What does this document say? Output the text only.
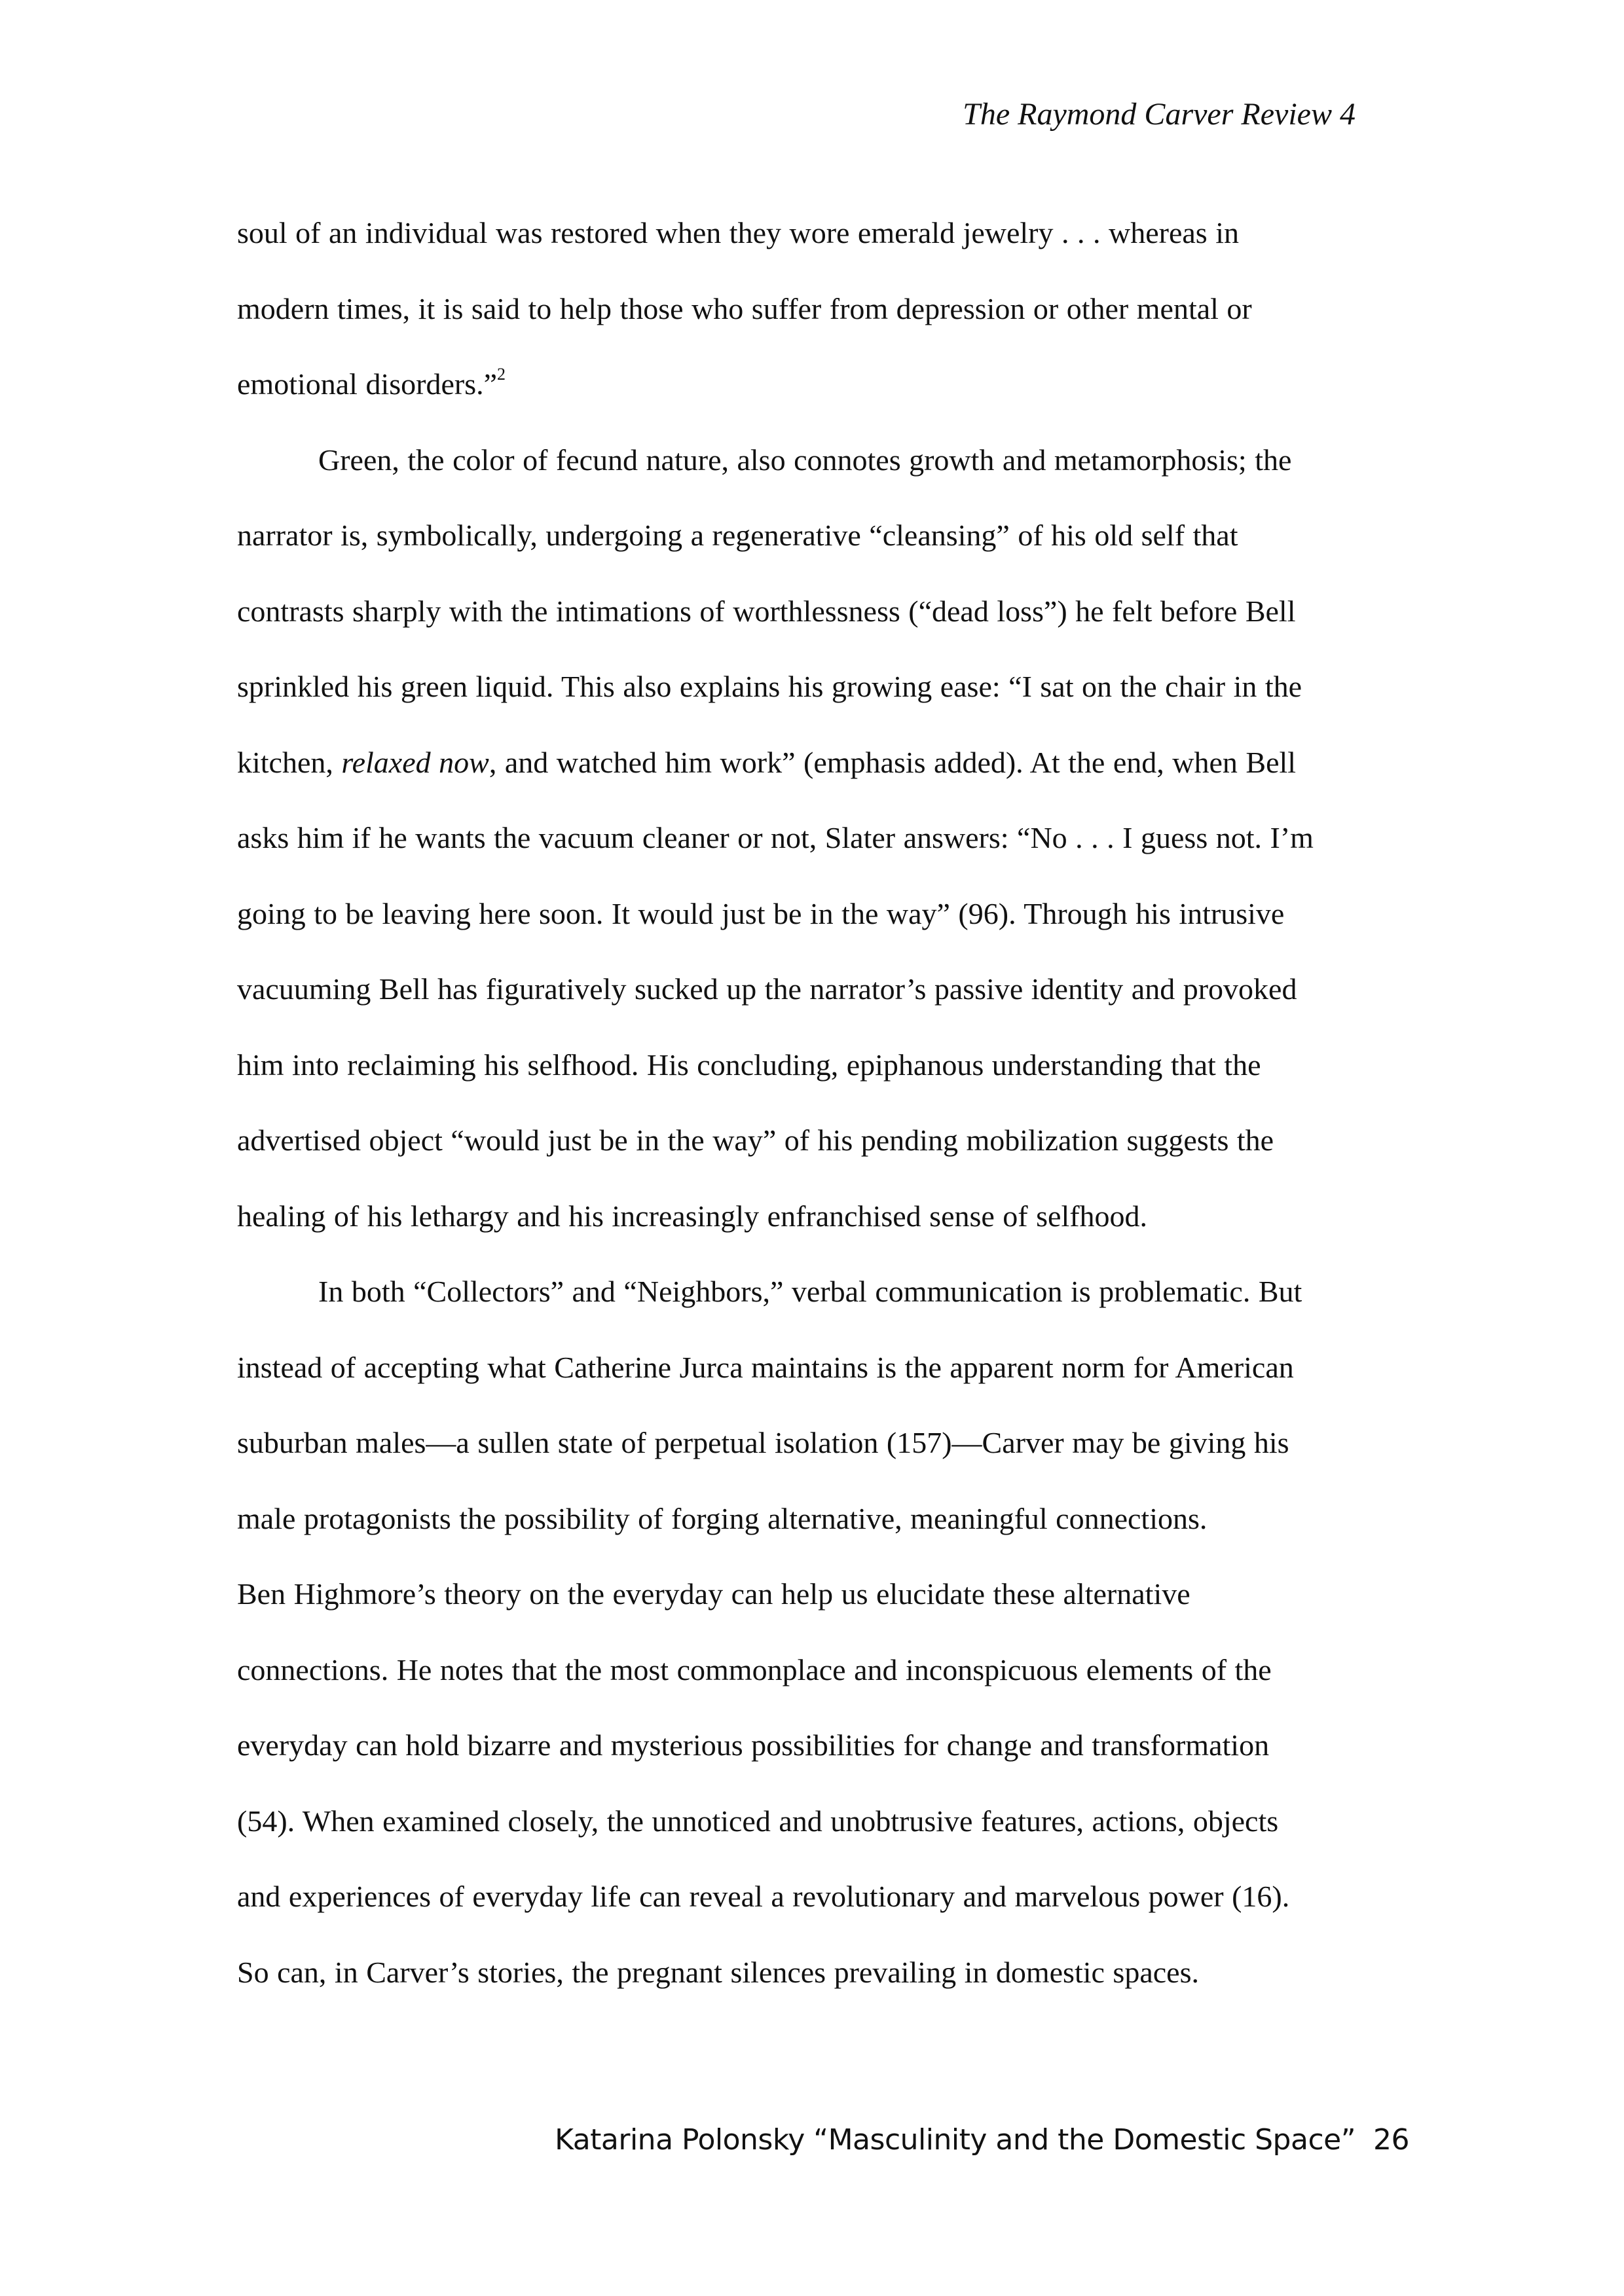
The Raymond Carver Review 4
soul of an individual was restored when they wore emerald jewelry . . . whereas in
modern times, it is said to help those who suffer from depression or other mental or
emotional disorders.”$^2$
Green, the color of fecund nature, also connotes growth and metamorphosis; the
narrator is, symbolically, undergoing a regenerative “cleansing” of his old self that
contrasts sharply with the intimations of worthlessness (“dead loss”) he felt before Bell
sprinkled his green liquid. This also explains his growing ease: “I sat on the chair in the
kitchen, relaxed now, and watched him work” (emphasis added). At the end, when Bell
asks him if he wants the vacuum cleaner or not, Slater answers: “No . . . I guess not. I’m
going to be leaving here soon. It would just be in the way” (96). Through his intrusive
vacuuming Bell has figuratively sucked up the narrator’s passive identity and provoked
him into reclaiming his selfhood. His concluding, epiphanous understanding that the
advertised object “would just be in the way” of his pending mobilization suggests the
healing of his lethargy and his increasingly enfranchised sense of selfhood.
In both “Collectors” and “Neighbors,” verbal communication is problematic. But
instead of accepting what Catherine Jurca maintains is the apparent norm for American
suburban males—a sullen state of perpetual isolation (157)—Carver may be giving his
male protagonists the possibility of forging alternative, meaningful connections.
Ben Highmore’s theory on the everyday can help us elucidate these alternative
connections. He notes that the most commonplace and inconspicuous elements of the
everyday can hold bizarre and mysterious possibilities for change and transformation
(54). When examined closely, the unnoticed and unobtrusive features, actions, objects
and experiences of everyday life can reveal a revolutionary and marvelous power (16).
So can, in Carver’s stories, the pregnant silences prevailing in domestic spaces.
Katarina Polonsky “Masculinity and the Domestic Space” 26
